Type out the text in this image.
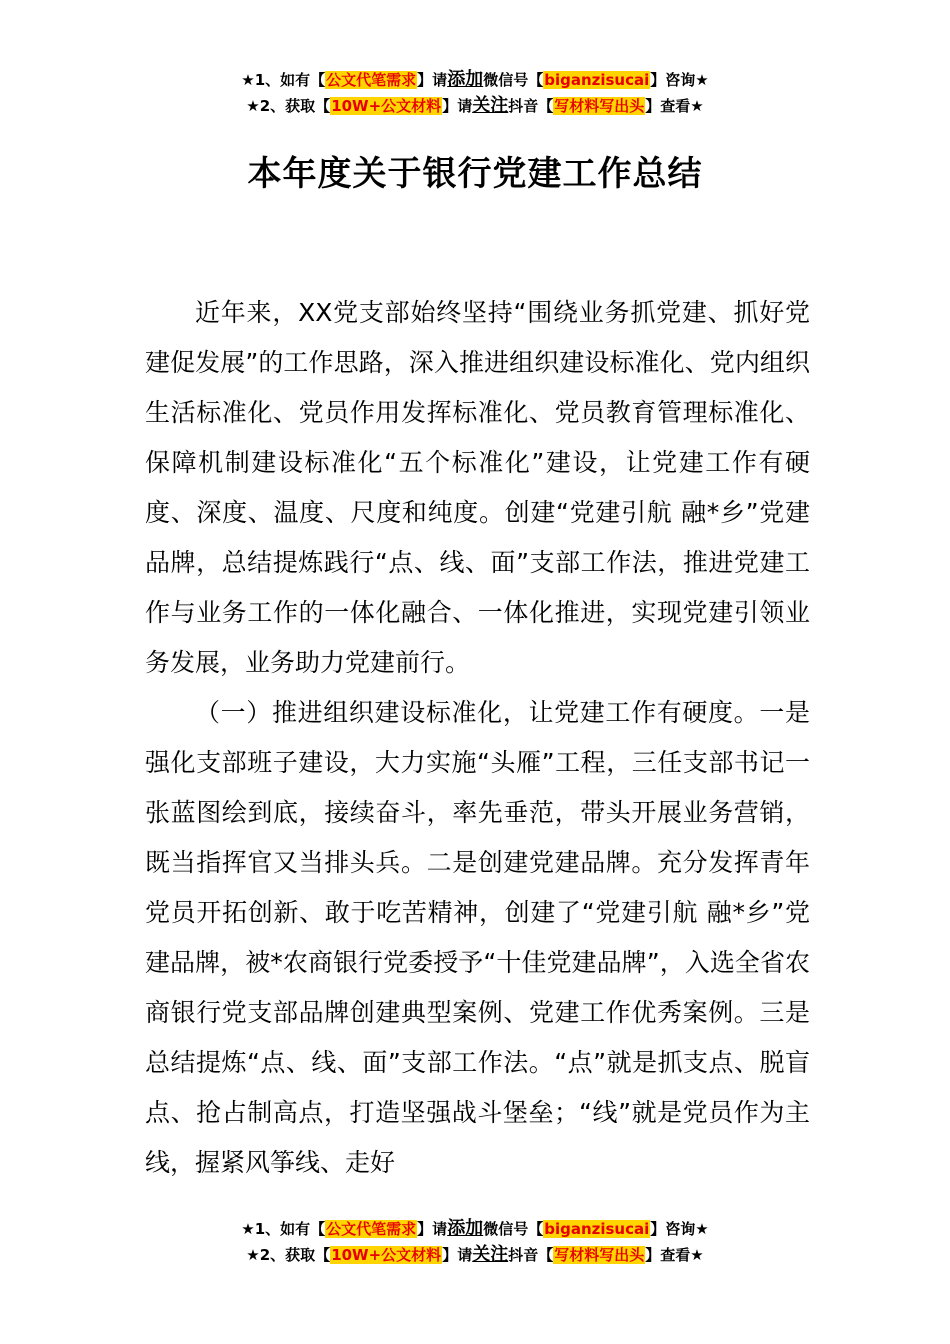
★1、如有【公文代笔需求】请添加微信号【biganzisucai】咨询★
★2、获取【10W+公文材料】请关注抖音【写材料写出头】查看★
本年度关于银行党建工作总结

近年来，XX党支部始终坚持“围绕业务抓党建、抓好党建促发展”的工作思路，深入推进组织建设标准化、党内组织生活标准化、党员作用发挥标准化、党员教育管理标准化、保障机制建设标准化“五个标准化”建设，让党建工作有硬度、深度、温度、尺度和纯度。创建“党建引航 融*乡”党建品牌，总结提炼践行“点、线、面”支部工作法，推进党建工作与业务工作的一体化融合、一体化推进，实现党建引领业务发展，业务助力党建前行。

（一）推进组织建设标准化，让党建工作有硬度。一是强化支部班子建设，大力实施“头雁”工程，三任支部书记一张蓝图绘到底，接续奋斗，率先垂范，带头开展业务营销，既当指挥官又当排头兵。二是创建党建品牌。充分发挥青年党员开拓创新、敢于吃苦精神，创建了“党建引航 融*乡”党建品牌，被*农商银行党委授予“十佳党建品牌”，入选全省农商银行党支部品牌创建典型案例、党建工作优秀案例。三是总结提炼“点、线、面”支部工作法。“点”就是抓支点、脱盲点、抢占制高点，打造坚强战斗堡垒；“线”就是党员作为主线，握紧风筝线、走好

★1、如有【公文代笔需求】请添加微信号【biganzisucai】咨询★
★2、获取【10W+公文材料】请关注抖音【写材料写出头】查看★
